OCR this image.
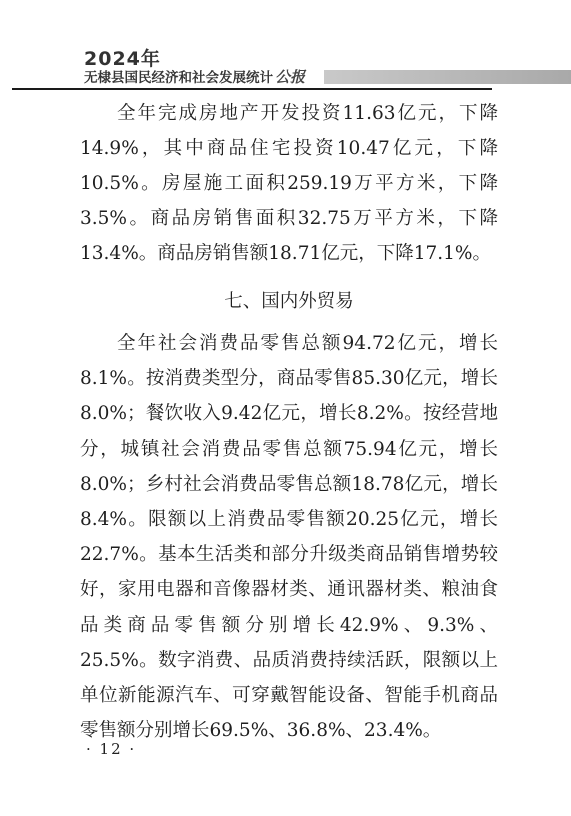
2024年
无棣县国民经济和社会发展统计 公报

全年完成房地产开发投资11.63亿元，下降14.9%，其中商品住宅投资10.47亿元，下降10.5%。房屋施工面积259.19万平方米，下降3.5%。商品房销售面积32.75万平方米，下降13.4%。商品房销售额18.71亿元，下降17.1%。

七、国内外贸易

全年社会消费品零售总额94.72亿元，增长8.1%。按消费类型分，商品零售85.30亿元，增长8.0%；餐饮收入9.42亿元，增长8.2%。按经营地分，城镇社会消费品零售总额75.94亿元，增长8.0%；乡村社会消费品零售总额18.78亿元，增长8.4%。限额以上消费品零售额20.25亿元，增长22.7%。基本生活类和部分升级类商品销售增势较好，家用电器和音像器材类、通讯器材类、粮油食品类商品零售额分别增长42.9%、9.3%、25.5%。数字消费、品质消费持续活跃，限额以上单位新能源汽车、可穿戴智能设备、智能手机商品零售额分别增长69.5%、36.8%、23.4%。

· 12 ·
